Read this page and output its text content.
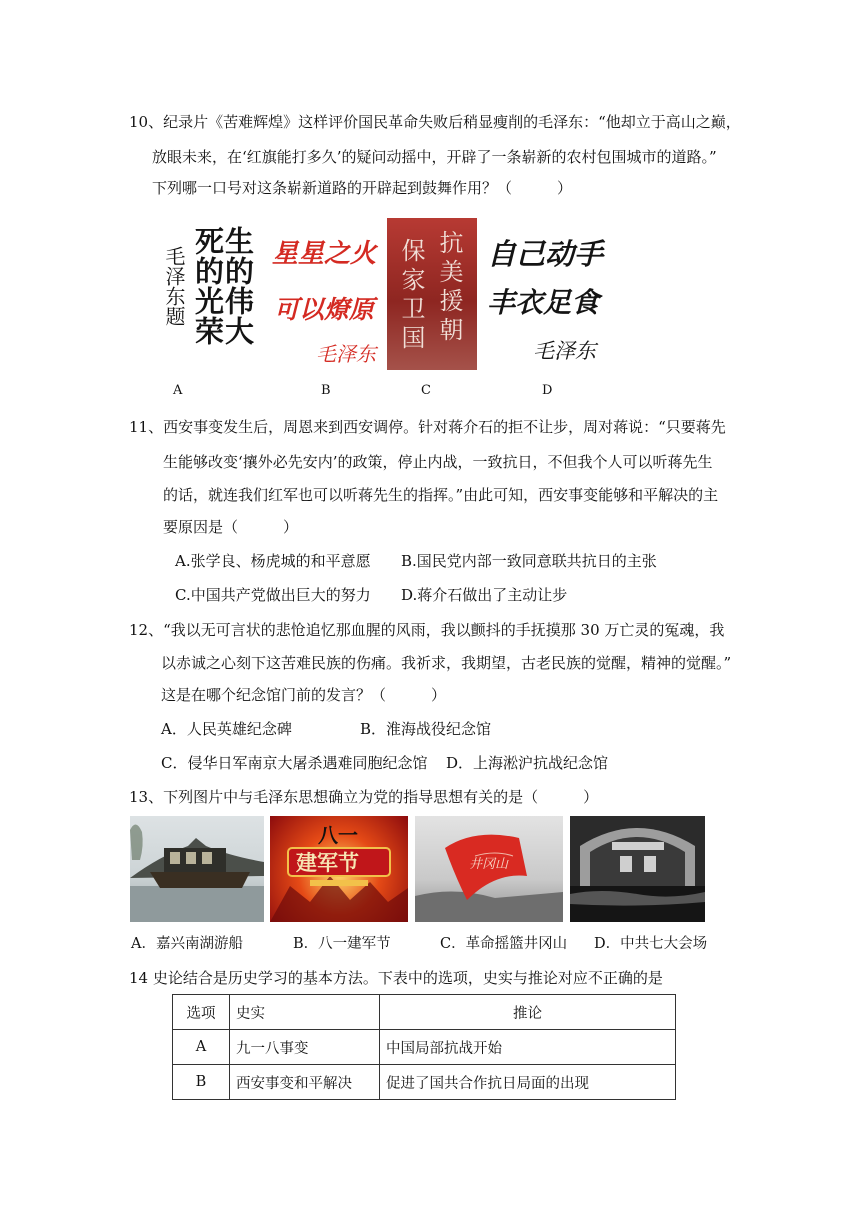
10、纪录片《苦难辉煌》这样评价国民革命失败后稍显瘦削的毛泽东：“他却立于高山之巅，
放眼未来，在‘红旗能打多久’的疑问动摇中，开辟了一条崭新的农村包围城市的道路。”
下列哪一口号对这条崭新道路的开辟起到鼓舞作用？（　　　）
生的伟大
死的光荣
毛泽东题
A
星星之火
可以燎原
毛泽东
B
抗美援朝
保家卫国
C
自己动手
丰衣足食
毛泽东
D
11、西安事变发生后，周恩来到西安调停。针对蒋介石的拒不让步，周对蒋说：“只要蒋先
生能够改变‘攘外必先安内’的政策，停止内战，一致抗日，不但我个人可以听蒋先生
的话，就连我们红军也可以听蒋先生的指挥。”由此可知，西安事变能够和平解决的主
要原因是（　　　）
A.张学良、杨虎城的和平意愿 B.国民党内部一致同意联共抗日的主张
C.中国共产党做出巨大的努力 D.蒋介石做出了主动让步
12、“我以无可言状的悲怆追忆那血腥的风雨，我以颤抖的手抚摸那 30 万亡灵的冤魂，我
以赤诚之心刻下这苦难民族的伤痛。我祈求，我期望，古老民族的觉醒，精神的觉醒。”
这是在哪个纪念馆门前的发言？（　　　）
A．人民英雄纪念碑	B．淮海战役纪念馆
C．侵华日军南京大屠杀遇难同胞纪念馆 D．上海淞沪抗战纪念馆
13、下列图片中与毛泽东思想确立为党的指导思想有关的是（　　　）
八一
建军节	井冈山
A．嘉兴南湖游船	B．八一建军节	C．革命摇篮井冈山 D．中共七大会场
14 史论结合是历史学习的基本方法。下表中的选项，史实与推论对应不正确的是
选项	史实	推论
A	九一八事变	中国局部抗战开始
B	西安事变和平解决	促进了国共合作抗日局面的出现
